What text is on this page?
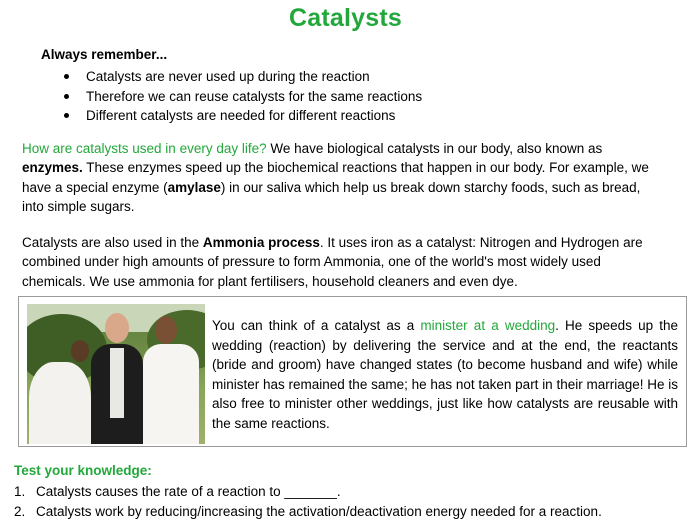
Catalysts
Always remember...
Catalysts are never used up during the reaction
Therefore we can reuse catalysts for the same reactions
Different catalysts are needed for different reactions

How are catalysts used in every day life? We have biological catalysts in our body, also known as enzymes. These enzymes speed up the biochemical reactions that happen in our body. For example, we have a special enzyme (amylase) in our saliva which help us break down starchy foods, such as bread, into simple sugars.

Catalysts are also used in the Ammonia process. It uses iron as a catalyst: Nitrogen and Hydrogen are combined under high amounts of pressure to form Ammonia, one of the world's most widely used chemicals. We use ammonia for plant fertilisers, household cleaners and even dye.

You can think of a catalyst as a minister at a wedding. He speeds up the wedding (reaction) by delivering the service and at the end, the reactants (bride and groom) have changed states (to become husband and wife) while minister has remained the same; he has not taken part in their marriage! He is also free to minister other weddings, just like how catalysts are reusable with the same reactions.

Test your knowledge:
1. Catalysts causes the rate of a reaction to _______.
2. Catalysts work by reducing/increasing the activation/deactivation energy needed for a reaction.
